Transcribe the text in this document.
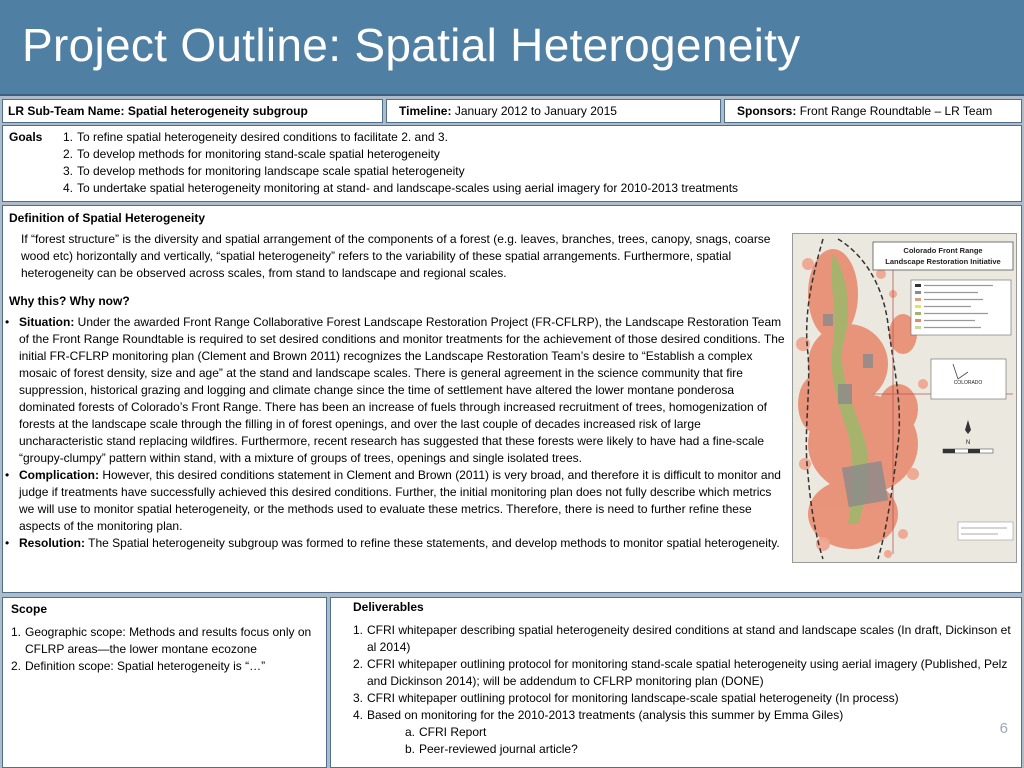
Project Outline: Spatial Heterogeneity
LR Sub-Team Name: Spatial heterogeneity subgroup	Timeline: January 2012 to January 2015	Sponsors: Front Range Roundtable – LR Team
Goals 1. To refine spatial heterogeneity desired conditions to facilitate 2. and 3.
2. To develop methods for monitoring stand-scale spatial heterogeneity
3. To develop methods for monitoring landscape scale spatial heterogeneity
4. To undertake spatial heterogeneity monitoring at stand- and landscape-scales using aerial imagery for 2010-2013 treatments
Definition of Spatial Heterogeneity
If “forest structure” is the diversity and spatial arrangement of the components of a forest (e.g. leaves, branches, trees, canopy, snags, coarse wood etc) horizontally and vertically, “spatial heterogeneity” refers to the variability of these spatial arrangements. Furthermore, spatial heterogeneity can be observed across scales, from stand to landscape and regional scales.
Why this? Why now?
• Situation: Under the awarded Front Range Collaborative Forest Landscape Restoration Project (FR-CFLRP), the Landscape Restoration Team of the Front Range Roundtable is required to set desired conditions and monitor treatments for the achievement of those desired conditions. The initial FR-CFLRP monitoring plan (Clement and Brown 2011) recognizes the Landscape Restoration Team’s desire to “Establish a complex mosaic of forest density, size and age” at the stand and landscape scales. There is general agreement in the science community that fire suppression, historical grazing and logging and climate change since the time of settlement have altered the lower montane ponderosa dominated forests of Colorado’s Front Range. There has been an increase of fuels through increased recruitment of trees, homogenization of forests at the landscape scale through the filling in of forest openings, and over the last couple of decades increased risk of large uncharacteristic stand replacing wildfires. Furthermore, recent research has suggested that these forests were likely to have had a fine-scale “groupy-clumpy” pattern within stand, with a mixture of groups of trees, openings and single isolated trees.
• Complication: However, this desired conditions statement in Clement and Brown (2011) is very broad, and therefore it is difficult to monitor and judge if treatments have successfully achieved this desired conditions. Further, the initial monitoring plan does not fully describe which metrics we will use to monitor spatial heterogeneity, or the methods used to evaluate these metrics. Therefore, there is need to further refine these aspects of the monitoring plan.
• Resolution: The Spatial heterogeneity subgroup was formed to refine these statements, and develop methods to monitor spatial heterogeneity.
Colorado Front Range
Landscape Restoration Initiative
COLORADO
N
Scope
1. Geographic scope: Methods and results focus only on CFLRP areas—the lower montane ecozone
2. Definition scope: Spatial heterogeneity is “…”
Deliverables
1. CFRI whitepaper describing spatial heterogeneity desired conditions at stand and landscape scales (In draft, Dickinson et al 2014)
2. CFRI whitepaper outlining protocol for monitoring stand-scale spatial heterogeneity using aerial imagery (Published, Pelz and Dickinson 2014); will be addendum to CFLRP monitoring plan (DONE)
3. CFRI whitepaper outlining protocol for monitoring landscape-scale spatial heterogeneity (In process)
4. Based on monitoring for the 2010-2013 treatments (analysis this summer by Emma Giles)
a. CFRI Report
b. Peer-reviewed journal article?
6
